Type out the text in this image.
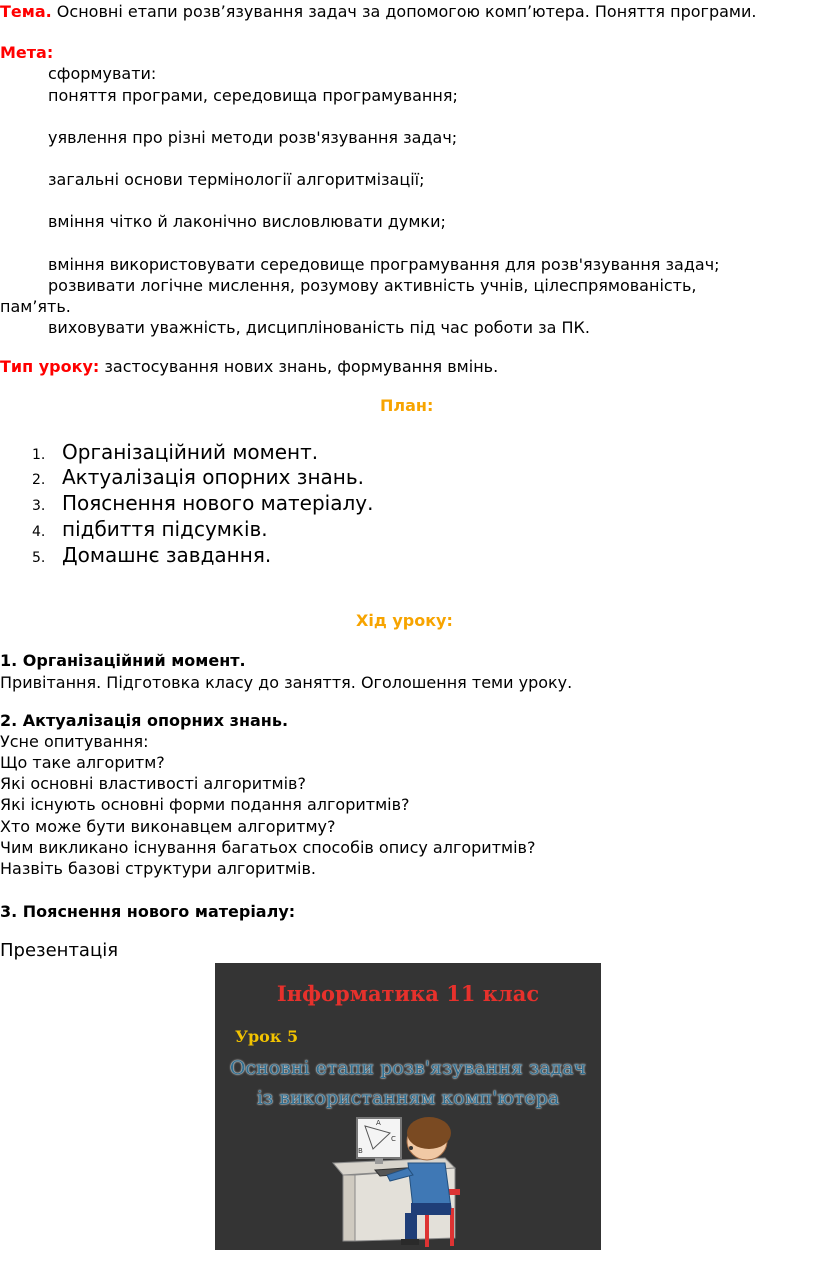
Тема. Основні етапи розв’язування задач за допомогою комп’ютера. Поняття програми.
Мета:
сформувати:
поняття програми, середовища програмування;
уявлення про різні методи розв'язування задач;
загальні основи термінології алгоритмізації;
вміння чітко й лаконічно висловлювати думки;
вміння використовувати середовище програмування для розв'язування задач;
розвивати логічне мислення, розумову активність учнів, цілеспрямованість,
пам’ять.
виховувати уважність, дисциплінованість під час роботи за ПК.
Тип уроку: застосування нових знань, формування вмінь.
План:
1. Організаційний момент.
2. Актуалізація опорних знань.
3. Пояснення нового матеріалу.
4. підбиття підсумків.
5. Домашнє завдання.
Хід уроку:
1. Організаційний момент.
Привітання. Підготовка класу до заняття. Оголошення теми уроку.
2. Актуалізація опорних знань.
Усне опитування:
Що таке алгоритм?
Які основні властивості алгоритмів?
Які існують основні форми подання алгоритмів?
Хто може бути виконавцем алгоритму?
Чим викликано існування багатьох способів опису алгоритмів?
Назвіть базові структури алгоритмів.
3. Пояснення нового матеріалу:
Презентація
Інформатика 11 клас
Урок 5
Основні етапи розв'язування задач
із використанням комп'ютера
A
B
C
